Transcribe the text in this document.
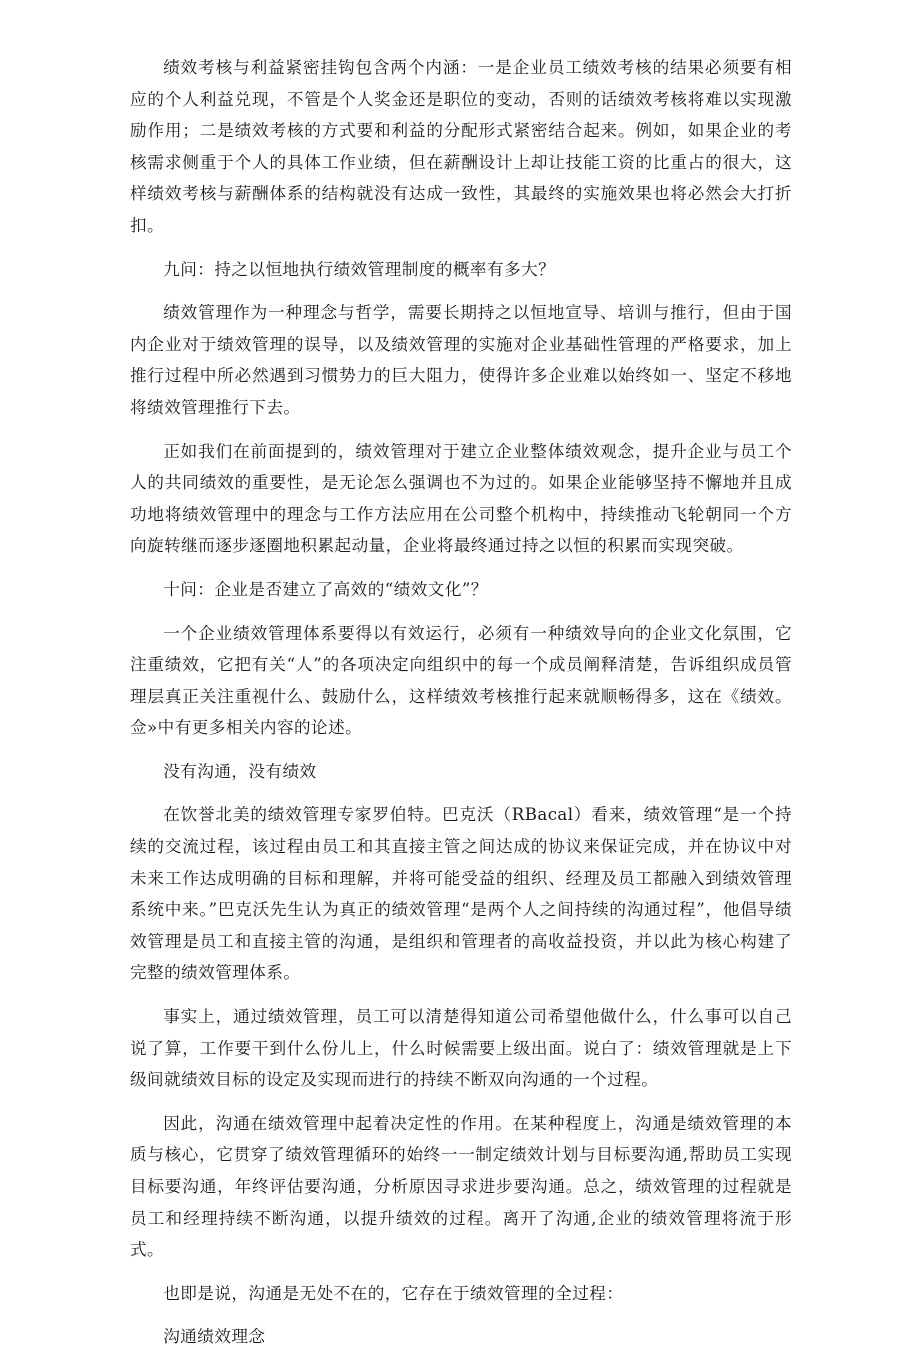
绩效考核与利益紧密挂钩包含两个内涵：一是企业员工绩效考核的结果必须要有相应的个人利益兑现，不管是个人奖金还是职位的变动，否则的话绩效考核将难以实现激励作用；二是绩效考核的方式要和利益的分配形式紧密结合起来。例如，如果企业的考核需求侧重于个人的具体工作业绩，但在薪酬设计上却让技能工资的比重占的很大，这样绩效考核与薪酬体系的结构就没有达成一致性，其最终的实施效果也将必然会大打折扣。

九问：持之以恒地执行绩效管理制度的概率有多大？

绩效管理作为一种理念与哲学，需要长期持之以恒地宣导、培训与推行，但由于国内企业对于绩效管理的误导，以及绩效管理的实施对企业基础性管理的严格要求，加上推行过程中所必然遇到习惯势力的巨大阻力，使得许多企业难以始终如一、坚定不移地将绩效管理推行下去。

正如我们在前面提到的，绩效管理对于建立企业整体绩效观念，提升企业与员工个人的共同绩效的重要性，是无论怎么强调也不为过的。如果企业能够坚持不懈地并且成功地将绩效管理中的理念与工作方法应用在公司整个机构中，持续推动飞轮朝同一个方向旋转继而逐步逐圈地积累起动量，企业将最终通过持之以恒的积累而实现突破。

十问：企业是否建立了高效的“绩效文化”？

一个企业绩效管理体系要得以有效运行，必须有一种绩效导向的企业文化氛围，它注重绩效，它把有关“人”的各项决定向组织中的每一个成员阐释清楚，告诉组织成员管理层真正关注重视什么、鼓励什么，这样绩效考核推行起来就顺畅得多，这在《绩效。佥»中有更多相关内容的论述。

没有沟通，没有绩效

在饮誉北美的绩效管理专家罗伯特。巴克沃（RBacal）看来，绩效管理“是一个持续的交流过程，该过程由员工和其直接主管之间达成的协议来保证完成，并在协议中对未来工作达成明确的目标和理解，并将可能受益的组织、经理及员工都融入到绩效管理系统中来。”巴克沃先生认为真正的绩效管理“是两个人之间持续的沟通过程”，他倡导绩效管理是员工和直接主管的沟通，是组织和管理者的高收益投资，并以此为核心构建了完整的绩效管理体系。

事实上，通过绩效管理，员工可以清楚得知道公司希望他做什么，什么事可以自己说了算，工作要干到什么份儿上，什么时候需要上级出面。说白了：绩效管理就是上下级间就绩效目标的设定及实现而进行的持续不断双向沟通的一个过程。

因此，沟通在绩效管理中起着决定性的作用。在某种程度上，沟通是绩效管理的本质与核心，它贯穿了绩效管理循环的始终一一制定绩效计划与目标要沟通,帮助员工实现目标要沟通，年终评估要沟通，分析原因寻求进步要沟通。总之，绩效管理的过程就是员工和经理持续不断沟通，以提升绩效的过程。离开了沟通,企业的绩效管理将流于形式。

也即是说，沟通是无处不在的，它存在于绩效管理的全过程：

沟通绩效理念
